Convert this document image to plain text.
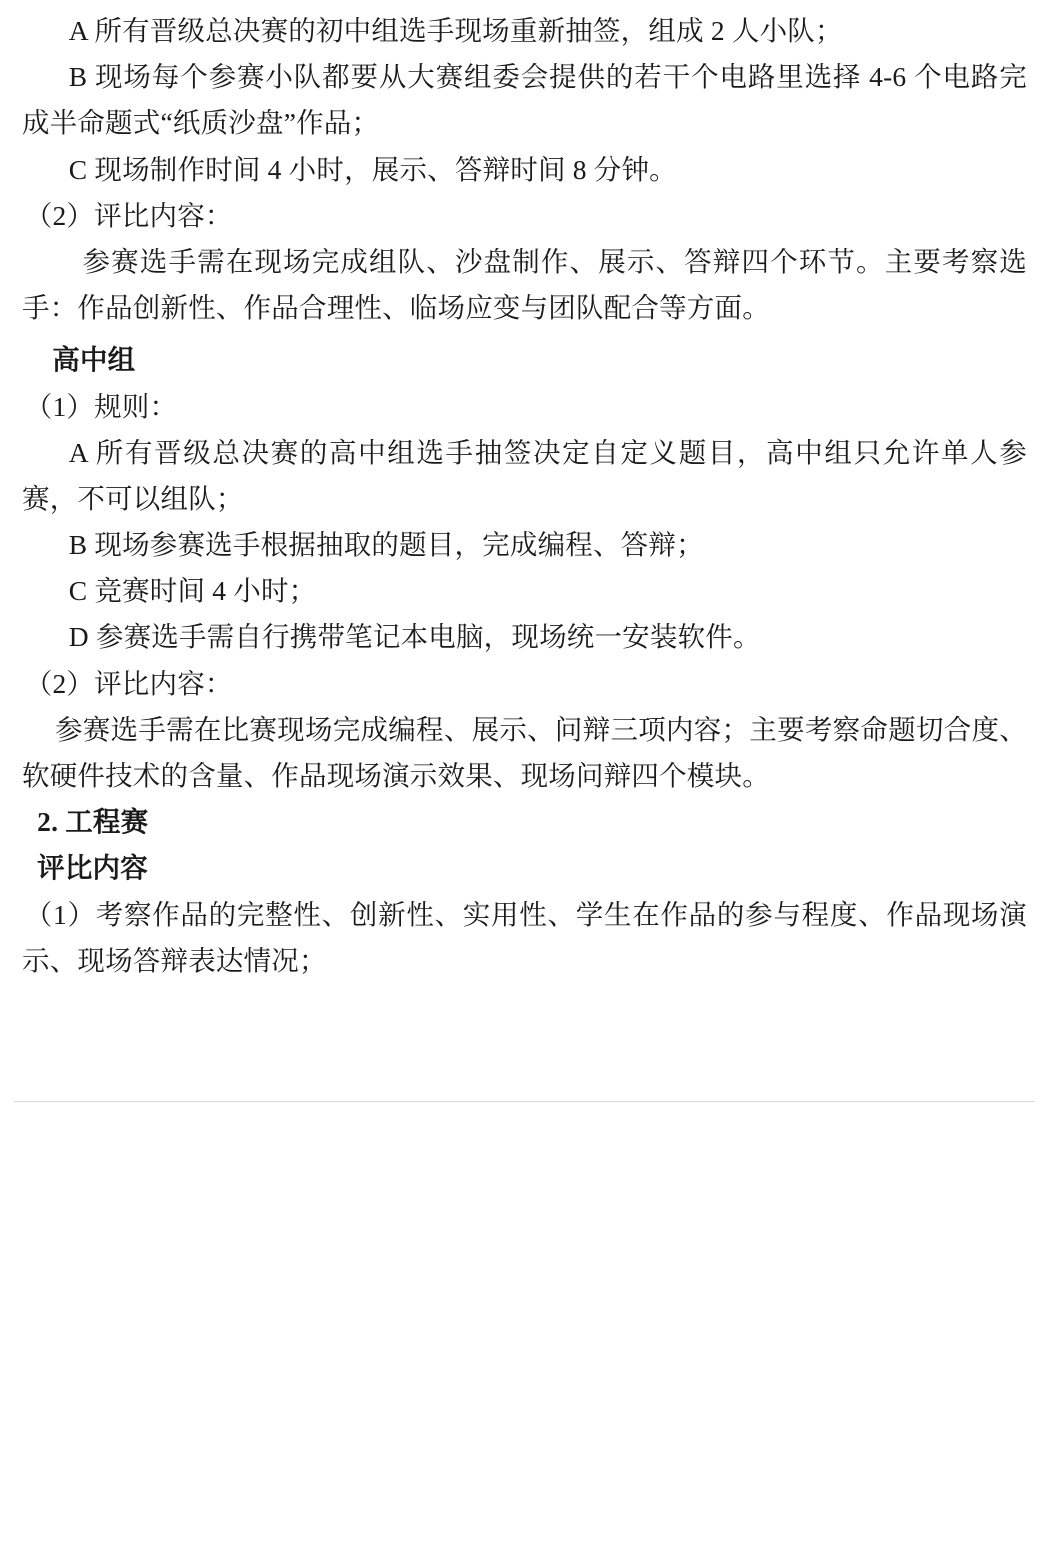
A 所有晋级总决赛的初中组选手现场重新抽签，组成 2 人小队；

B 现场每个参赛小队都要从大赛组委会提供的若干个电路里选择 4-6 个电路完成半命题式“纸质沙盘”作品；

C 现场制作时间 4 小时，展示、答辩时间 8 分钟。

（2）评比内容：

参赛选手需在现场完成组队、沙盘制作、展示、答辩四个环节。主要考察选手：作品创新性、作品合理性、临场应变与团队配合等方面。

高中组

（1）规则：

A 所有晋级总决赛的高中组选手抽签决定自定义题目，高中组只允许单人参赛，不可以组队；

B 现场参赛选手根据抽取的题目，完成编程、答辩；

C 竞赛时间 4 小时；

D 参赛选手需自行携带笔记本电脑，现场统一安装软件。

（2）评比内容：

参赛选手需在比赛现场完成编程、展示、问辩三项内容；主要考察命题切合度、软硬件技术的含量、作品现场演示效果、现场问辩四个模块。

2. 工程赛

评比内容

（1）考察作品的完整性、创新性、实用性、学生在作品的参与程度、作品现场演示、现场答辩表达情况；
